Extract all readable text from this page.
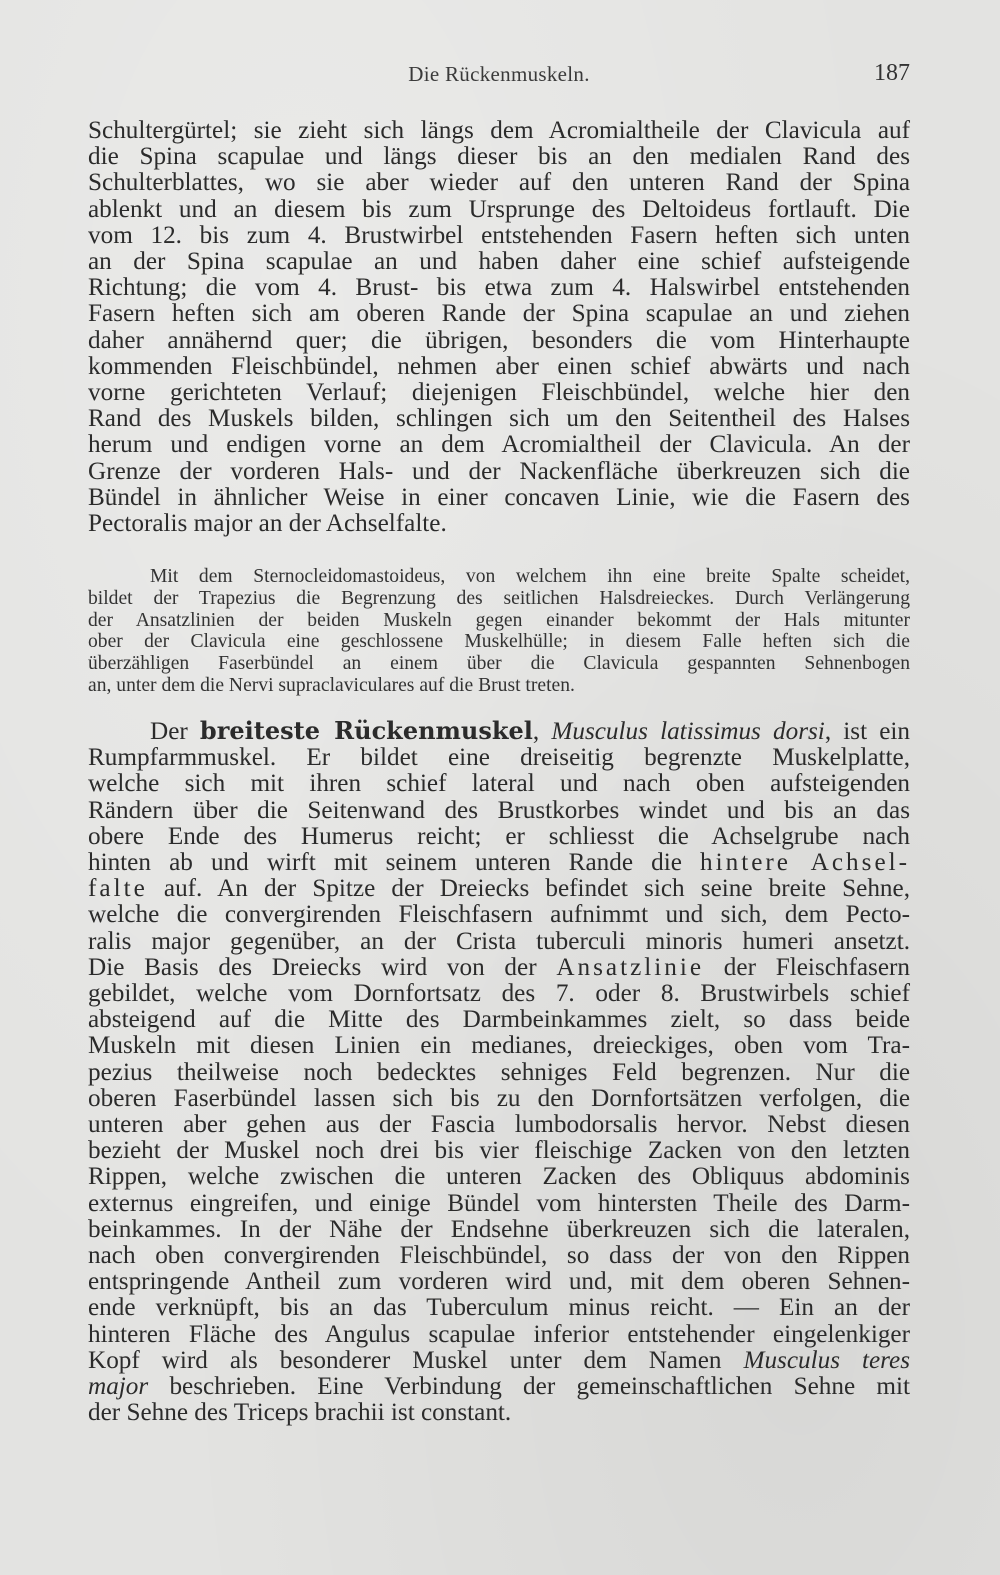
Die Rückenmuskeln.	187

Schultergürtel; sie zieht sich längs dem Acromialtheile der Clavicula auf
die Spina scapulae und längs dieser bis an den medialen Rand des
Schulterblattes, wo sie aber wieder auf den unteren Rand der Spina
ablenkt und an diesem bis zum Ursprunge des Deltoideus fortlauft. Die
vom 12. bis zum 4. Brustwirbel entstehenden Fasern heften sich unten
an der Spina scapulae an und haben daher eine schief aufsteigende
Richtung; die vom 4. Brust- bis etwa zum 4. Halswirbel entstehenden
Fasern heften sich am oberen Rande der Spina scapulae an und ziehen
daher annähernd quer; die übrigen, besonders die vom Hinterhaupte
kommenden Fleischbündel, nehmen aber einen schief abwärts und nach
vorne gerichteten Verlauf; diejenigen Fleischbündel, welche hier den
Rand des Muskels bilden, schlingen sich um den Seitentheil des Halses
herum und endigen vorne an dem Acromialtheil der Clavicula. An der
Grenze der vorderen Hals- und der Nackenfläche überkreuzen sich die
Bündel in ähnlicher Weise in einer concaven Linie, wie die Fasern des
Pectoralis major an der Achselfalte.

Mit dem Sternocleidomastoideus, von welchem ihn eine breite Spalte scheidet,
bildet der Trapezius die Begrenzung des seitlichen Halsdreieckes. Durch Verlängerung
der Ansatzlinien der beiden Muskeln gegen einander bekommt der Hals mitunter
ober der Clavicula eine geschlossene Muskelhülle; in diesem Falle heften sich die
überzähligen Faserbündel an einem über die Clavicula gespannten Sehnenbogen
an, unter dem die Nervi supraclaviculares auf die Brust treten.

Der breiteste Rückenmuskel, Musculus latissimus dorsi, ist ein
Rumpfarmmuskel. Er bildet eine dreiseitig begrenzte Muskelplatte,
welche sich mit ihren schief lateral und nach oben aufsteigenden
Rändern über die Seitenwand des Brustkorbes windet und bis an das
obere Ende des Humerus reicht; er schliesst die Achselgrube nach
hinten ab und wirft mit seinem unteren Rande die hintere Achsel-
falte auf. An der Spitze der Dreiecks befindet sich seine breite Sehne,
welche die convergirenden Fleischfasern aufnimmt und sich, dem Pecto-
ralis major gegenüber, an der Crista tuberculi minoris humeri ansetzt.
Die Basis des Dreiecks wird von der Ansatzlinie der Fleischfasern
gebildet, welche vom Dornfortsatz des 7. oder 8. Brustwirbels schief
absteigend auf die Mitte des Darmbeinkammes zielt, so dass beide
Muskeln mit diesen Linien ein medianes, dreieckiges, oben vom Tra-
pezius theilweise noch bedecktes sehniges Feld begrenzen. Nur die
oberen Faserbündel lassen sich bis zu den Dornfortsätzen verfolgen, die
unteren aber gehen aus der Fascia lumbodorsalis hervor. Nebst diesen
bezieht der Muskel noch drei bis vier fleischige Zacken von den letzten
Rippen, welche zwischen die unteren Zacken des Obliquus abdominis
externus eingreifen, und einige Bündel vom hintersten Theile des Darm-
beinkammes. In der Nähe der Endsehne überkreuzen sich die lateralen,
nach oben convergirenden Fleischbündel, so dass der von den Rippen
entspringende Antheil zum vorderen wird und, mit dem oberen Sehnen-
ende verknüpft, bis an das Tuberculum minus reicht. — Ein an der
hinteren Fläche des Angulus scapulae inferior entstehender eingelenkiger
Kopf wird als besonderer Muskel unter dem Namen Musculus teres
major beschrieben. Eine Verbindung der gemeinschaftlichen Sehne mit
der Sehne des Triceps brachii ist constant.
